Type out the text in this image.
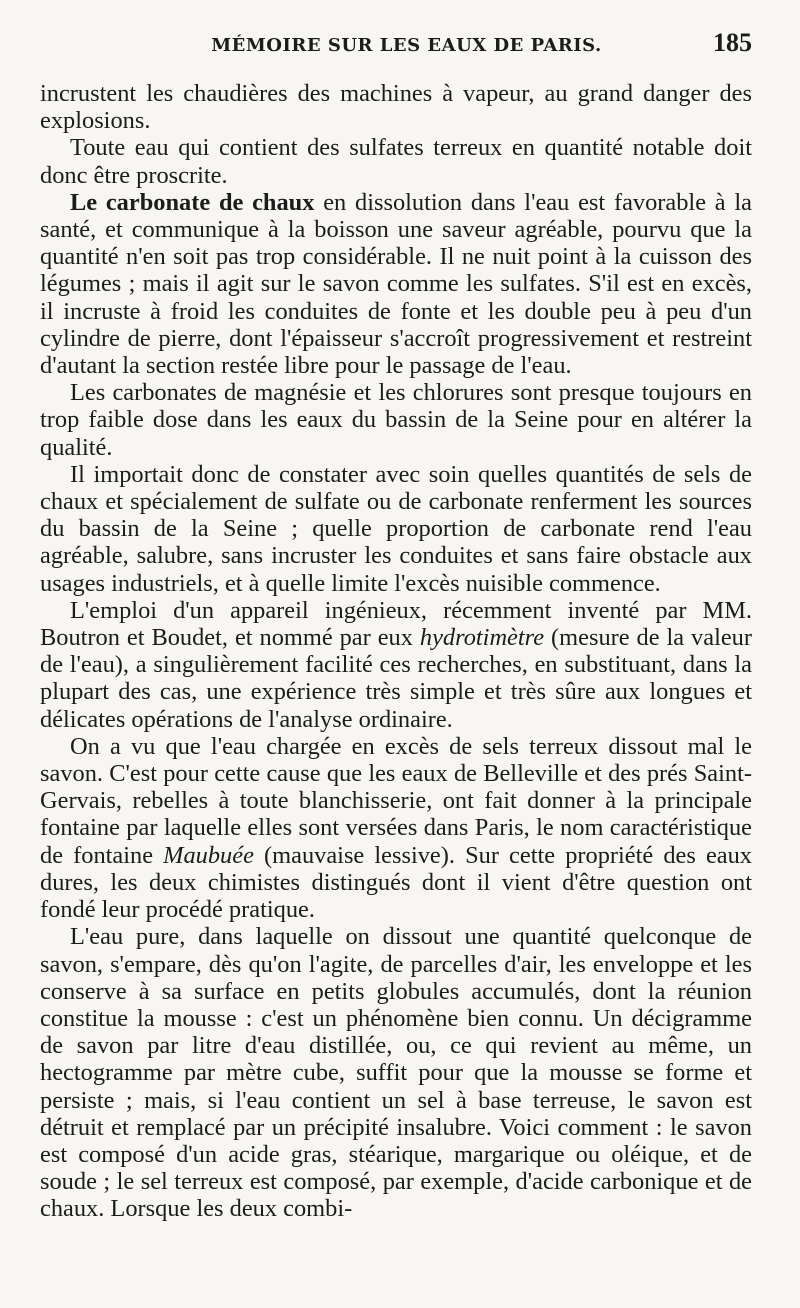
MÉMOIRE SUR LES EAUX DE PARIS.	185

incrustent les chaudières des machines à vapeur, au grand danger des explosions.

Toute eau qui contient des sulfates terreux en quantité notable doit donc être proscrite.

Le carbonate de chaux en dissolution dans l'eau est favorable à la santé, et communique à la boisson une saveur agréable, pourvu que la quantité n'en soit pas trop considérable. Il ne nuit point à la cuisson des légumes ; mais il agit sur le savon comme les sulfates. S'il est en excès, il incruste à froid les conduites de fonte et les double peu à peu d'un cylindre de pierre, dont l'épaisseur s'accroît progressivement et restreint d'autant la section restée libre pour le passage de l'eau.

Les carbonates de magnésie et les chlorures sont presque toujours en trop faible dose dans les eaux du bassin de la Seine pour en altérer la qualité.

Il importait donc de constater avec soin quelles quantités de sels de chaux et spécialement de sulfate ou de carbonate renferment les sources du bassin de la Seine ; quelle proportion de carbonate rend l'eau agréable, salubre, sans incruster les conduites et sans faire obstacle aux usages industriels, et à quelle limite l'excès nuisible commence.

L'emploi d'un appareil ingénieux, récemment inventé par MM. Boutron et Boudet, et nommé par eux hydrotimètre (mesure de la valeur de l'eau), a singulièrement facilité ces recherches, en substituant, dans la plupart des cas, une expérience très simple et très sûre aux longues et délicates opérations de l'analyse ordinaire.

On a vu que l'eau chargée en excès de sels terreux dissout mal le savon. C'est pour cette cause que les eaux de Belleville et des prés Saint-Gervais, rebelles à toute blanchisserie, ont fait donner à la principale fontaine par laquelle elles sont versées dans Paris, le nom caractéristique de fontaine Maubuée (mauvaise lessive). Sur cette propriété des eaux dures, les deux chimistes distingués dont il vient d'être question ont fondé leur procédé pratique.

L'eau pure, dans laquelle on dissout une quantité quelconque de savon, s'empare, dès qu'on l'agite, de parcelles d'air, les enveloppe et les conserve à sa surface en petits globules accumulés, dont la réunion constitue la mousse : c'est un phénomène bien connu. Un décigramme de savon par litre d'eau distillée, ou, ce qui revient au même, un hectogramme par mètre cube, suffit pour que la mousse se forme et persiste ; mais, si l'eau contient un sel à base terreuse, le savon est détruit et remplacé par un précipité insalubre. Voici comment : le savon est composé d'un acide gras, stéarique, margarique ou oléique, et de soude ; le sel terreux est composé, par exemple, d'acide carbonique et de chaux. Lorsque les deux combi-
